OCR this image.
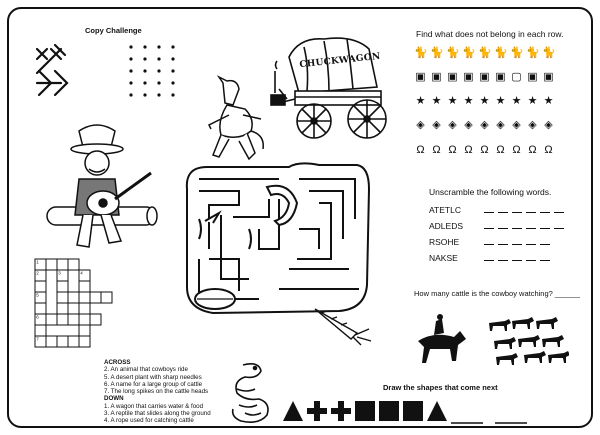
Copy Challenge
CHUCKWAGON
Find what does not belong in each row.
🐈 🐈 🐈 🐈 🐈 🐈 🐈 🐈 🐈
▣ ▣ ▣ ▣ ▣ ▣ ▢ ▣ ▣
★ ★ ★ ★ ★ ★ ★ ★ ★
◈ ◈ ◈ ◈ ◈ ◈ ◈ ◈ ◈
Ω Ω Ω Ω Ω Ω Ω Ω Ω
Unscramble the following words.
ATETLC
ADLEDS
RSOHE
NAKSE
How many cattle is the cowboy watching? ______
1
2	3	4
5
6
7
ACROSS
2. An animal that cowboys ride
5. A desert plant with sharp needles
6. A name for a large group of cattle
7. The long spikes on the cattle heads
DOWN
1. A wagon that carries water & food
3. A reptile that slides along the ground
4. A rope used for catching cattle
Draw the shapes that come next
